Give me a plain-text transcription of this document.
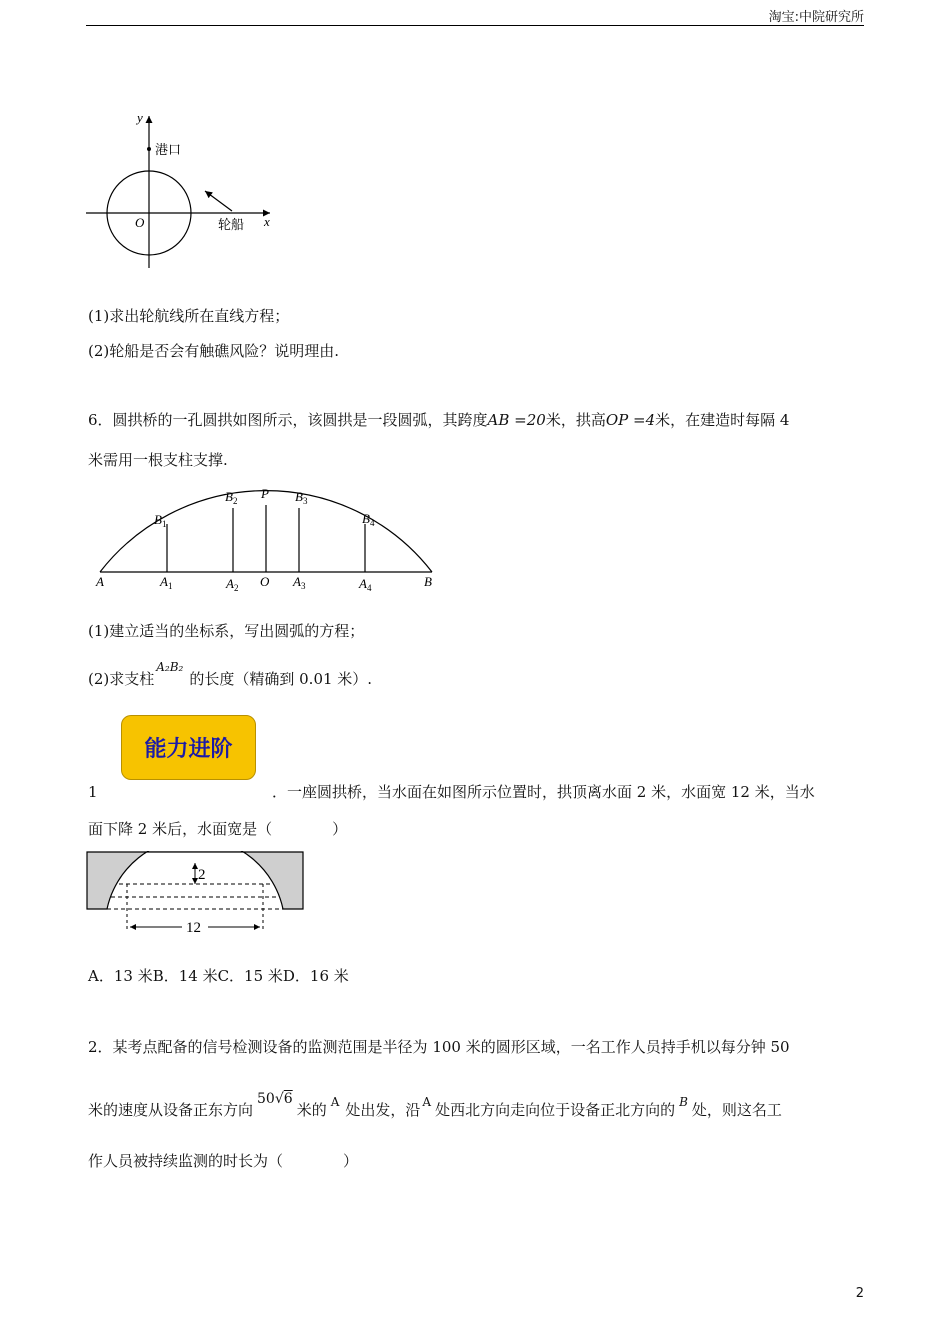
淘宝:中院研究所
y
x
O
港口
轮船
(1)求出轮航线所在直线方程；
(2)轮船是否会有触礁风险？说明理由.
6．圆拱桥的一孔圆拱如图所示，该圆拱是一段圆弧，其跨度AB =20米，拱高OP =4米，在建造时每隔 4
米需用一根支柱支撑.
A	B
O
P
$A_1$	$A_2$	$A_3$	$A_4$
$B_1$
$B_2$	$B_3$
$B_4$
(1)建立适当的坐标系，写出圆弧的方程；
(2)求支柱$^{A_2B_2}$的长度（精确到 0.01 米）.
能力进阶
1	．一座圆拱桥，当水面在如图所示位置时，拱顶离水面 2 米，水面宽 12 米，当水
面下降 2 米后，水面宽是（　　　　）
2
12
A．13 米B．14 米C．15 米D．16 米
2．某考点配备的信号检测设备的监测范围是半径为 100 米的圆形区域，一名工作人员持手机以每分钟 50
米的速度从设备正东方向50√6米的 $^A$ 处出发，沿 $^A$ 处西北方向走向位于设备正北方向的 $^B$ 处，则这名工
作人员被持续监测的时长为（　　　　）
2
